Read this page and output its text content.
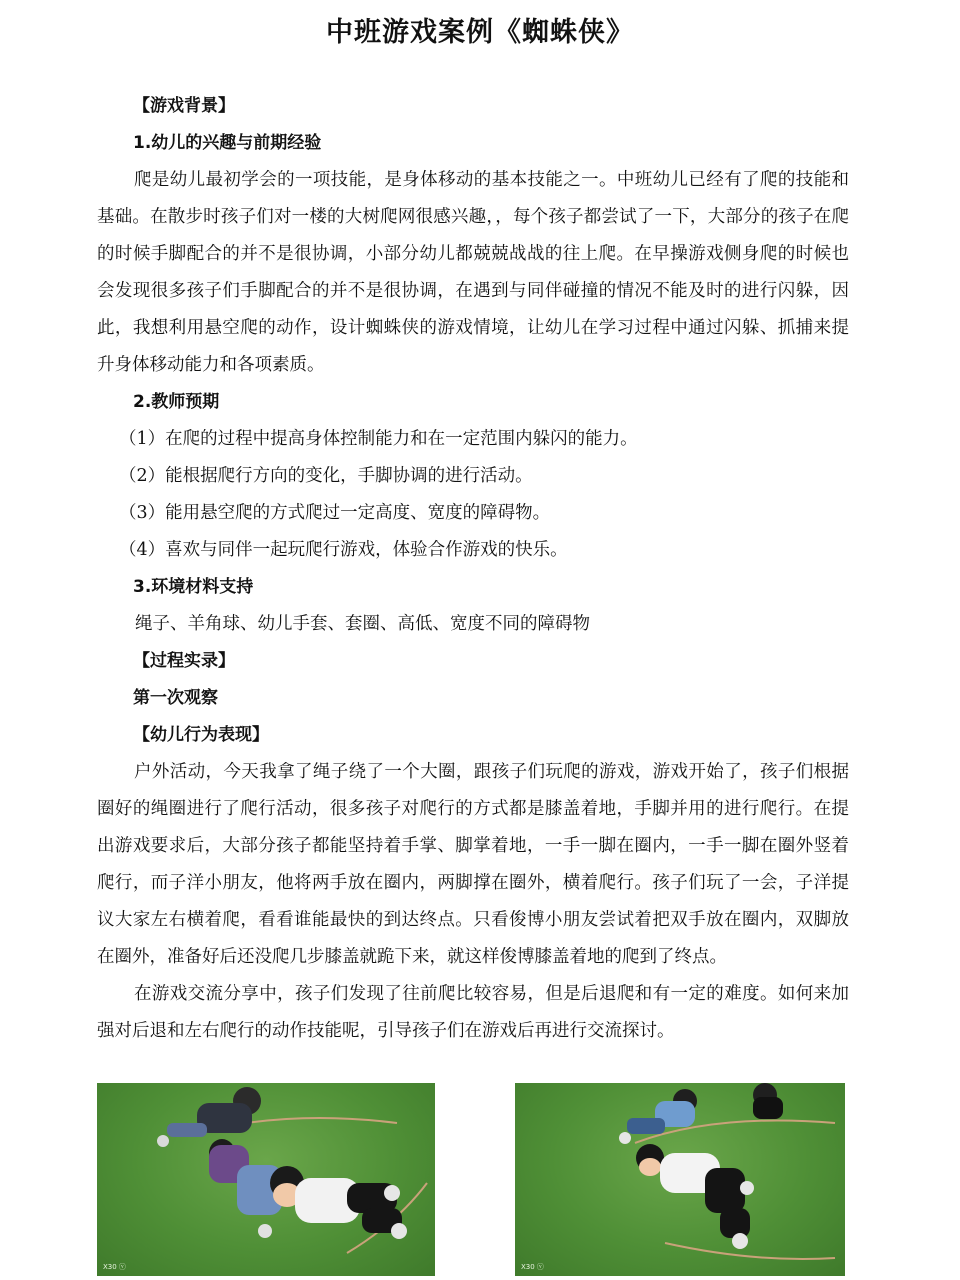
中班游戏案例《蜘蛛侠》
【游戏背景】
1.幼儿的兴趣与前期经验
爬是幼儿最初学会的一项技能，是身体移动的基本技能之一。中班幼儿已经有了爬的技能和基础。在散步时孩子们对一楼的大树爬网很感兴趣，，每个孩子都尝试了一下，大部分的孩子在爬的时候手脚配合的并不是很协调，小部分幼儿都兢兢战战的往上爬。在早操游戏侧身爬的时候也会发现很多孩子们手脚配合的并不是很协调，在遇到与同伴碰撞的情况不能及时的进行闪躲，因此，我想利用悬空爬的动作，设计蜘蛛侠的游戏情境，让幼儿在学习过程中通过闪躲、抓捕来提升身体移动能力和各项素质。
2.教师预期
（1）在爬的过程中提高身体控制能力和在一定范围内躲闪的能力。
（2）能根据爬行方向的变化，手脚协调的进行活动。
（3）能用悬空爬的方式爬过一定高度、宽度的障碍物。
（4）喜欢与同伴一起玩爬行游戏，体验合作游戏的快乐。
3.环境材料支持
绳子、羊角球、幼儿手套、套圈、高低、宽度不同的障碍物
【过程实录】
第一次观察
【幼儿行为表现】
户外活动，今天我拿了绳子绕了一个大圈，跟孩子们玩爬的游戏，游戏开始了，孩子们根据圈好的绳圈进行了爬行活动，很多孩子对爬行的方式都是膝盖着地，手脚并用的进行爬行。在提出游戏要求后，大部分孩子都能坚持着手掌、脚掌着地，一手一脚在圈内，一手一脚在圈外竖着爬行，而子洋小朋友，他将两手放在圈内，两脚撑在圈外，横着爬行。孩子们玩了一会，子洋提议大家左右横着爬，看看谁能最快的到达终点。只看俊博小朋友尝试着把双手放在圈内，双脚放在圈外，准备好后还没爬几步膝盖就跪下来，就这样俊博膝盖着地的爬到了终点。
在游戏交流分享中，孩子们发现了往前爬比较容易，但是后退爬和有一定的难度。如何来加强对后退和左右爬行的动作技能呢，引导孩子们在游戏后再进行交流探讨。
X30 ⓥ	X30 ⓥ
